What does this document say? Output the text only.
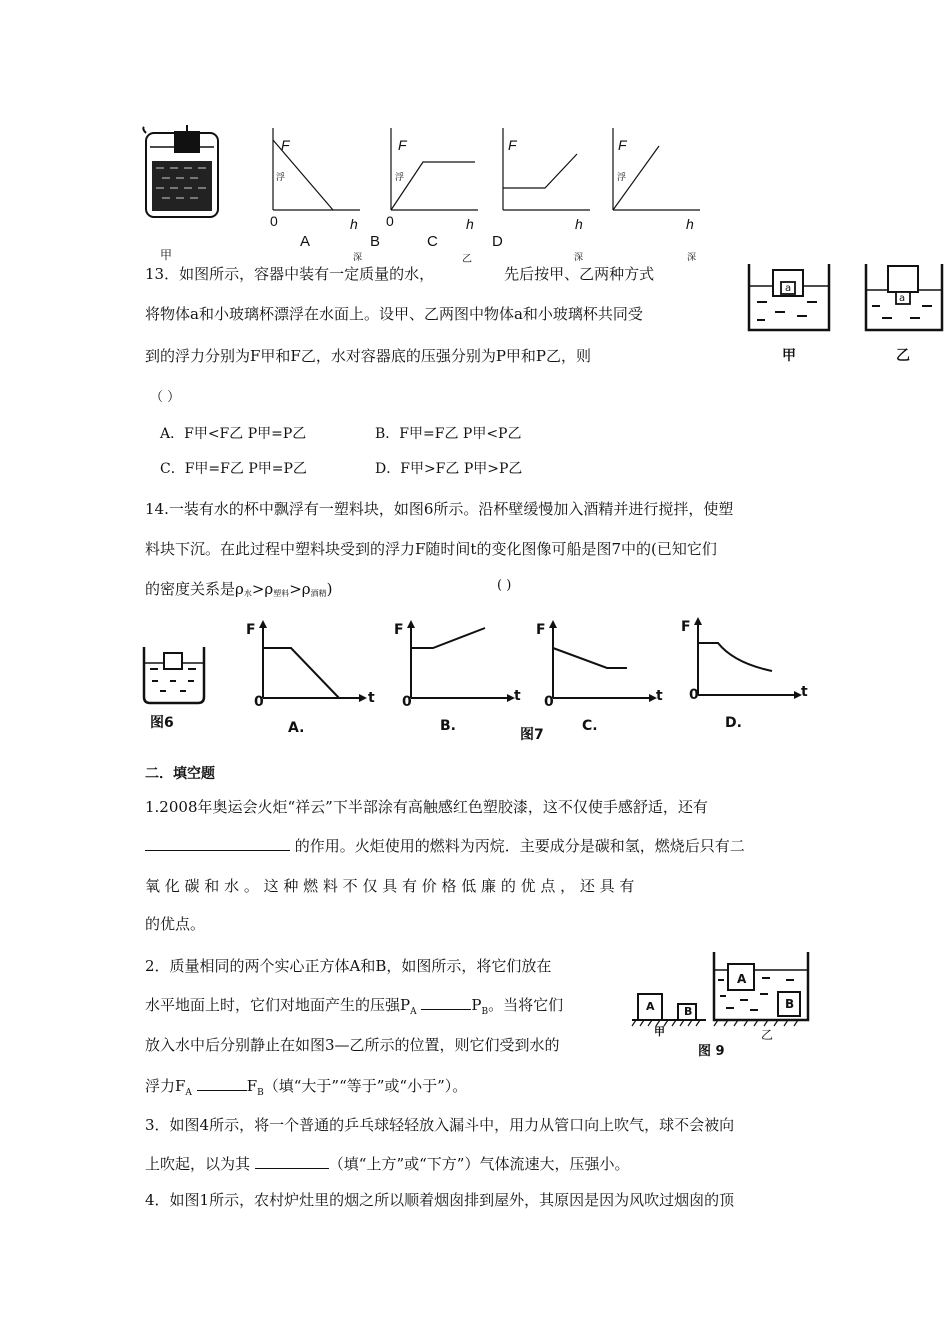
F
浮
0	h
F
浮
0	h
F
h
F
浮
h
甲
A
深
B	C
乙
D
深	深
13．如图所示，容器中装有一定质量的水，	先后按甲、乙两种方式
将物体a和小玻璃杯漂浮在水面上。设甲、乙两图中物体a和小玻璃杯共同受
到的浮力分别为F甲和F乙，水对容器底的压强分别为P甲和P乙，则
（ ）
A．F甲<F乙 P甲=P乙	B．F甲=F乙 P甲<P乙
C．F甲=F乙 P甲=P乙	D．F甲>F乙 P甲>P乙
a
甲
a
乙
14.一装有水的杯中飘浮有一塑料块，如图6所示。沿杯壁缓慢加入酒精并进行搅拌，使塑
料块下沉。在此过程中塑料块受到的浮力F随时间t的变化图像可船是图7中的(已知它们
的密度关系是ρ水>ρ塑料>ρ酒精)	( )
图6
F
0	t
A.
F
0	t
B.
F
0	t
C.
图7
F
0	t
D.
二．填空题
1.2008年奥运会火炬“祥云”下半部涂有高触感红色塑胶漆，这不仅使手感舒适，还有
的作用。火炬使用的燃料为丙烷．主要成分是碳和氢，燃烧后只有二
氧 化 碳 和 水 。 这 种 燃 料 不 仅 具 有 价 格 低 廉 的 优 点 ， 还 具 有
的优点。
2．质量相同的两个实心正方体A和B，如图所示，将它们放在
水平地面上时，它们对地面产生的压强$P_A$	$P_B$。当将它们
放入水中后分别静止在如图3—乙所示的位置，则它们受到水的
浮力$F_A$	$F_B$（填“大于”“等于”或“小于”）。
A	B
A
B
甲	乙
图 9
3．如图4所示，将一个普通的乒乓球轻轻放入漏斗中，用力从管口向上吹气，球不会被向
上吹起，以为其	（填“上方”或“下方”）气体流速大，压强小。
4．如图1所示，农村炉灶里的烟之所以顺着烟囱排到屋外，其原因是因为风吹过烟囱的顶
